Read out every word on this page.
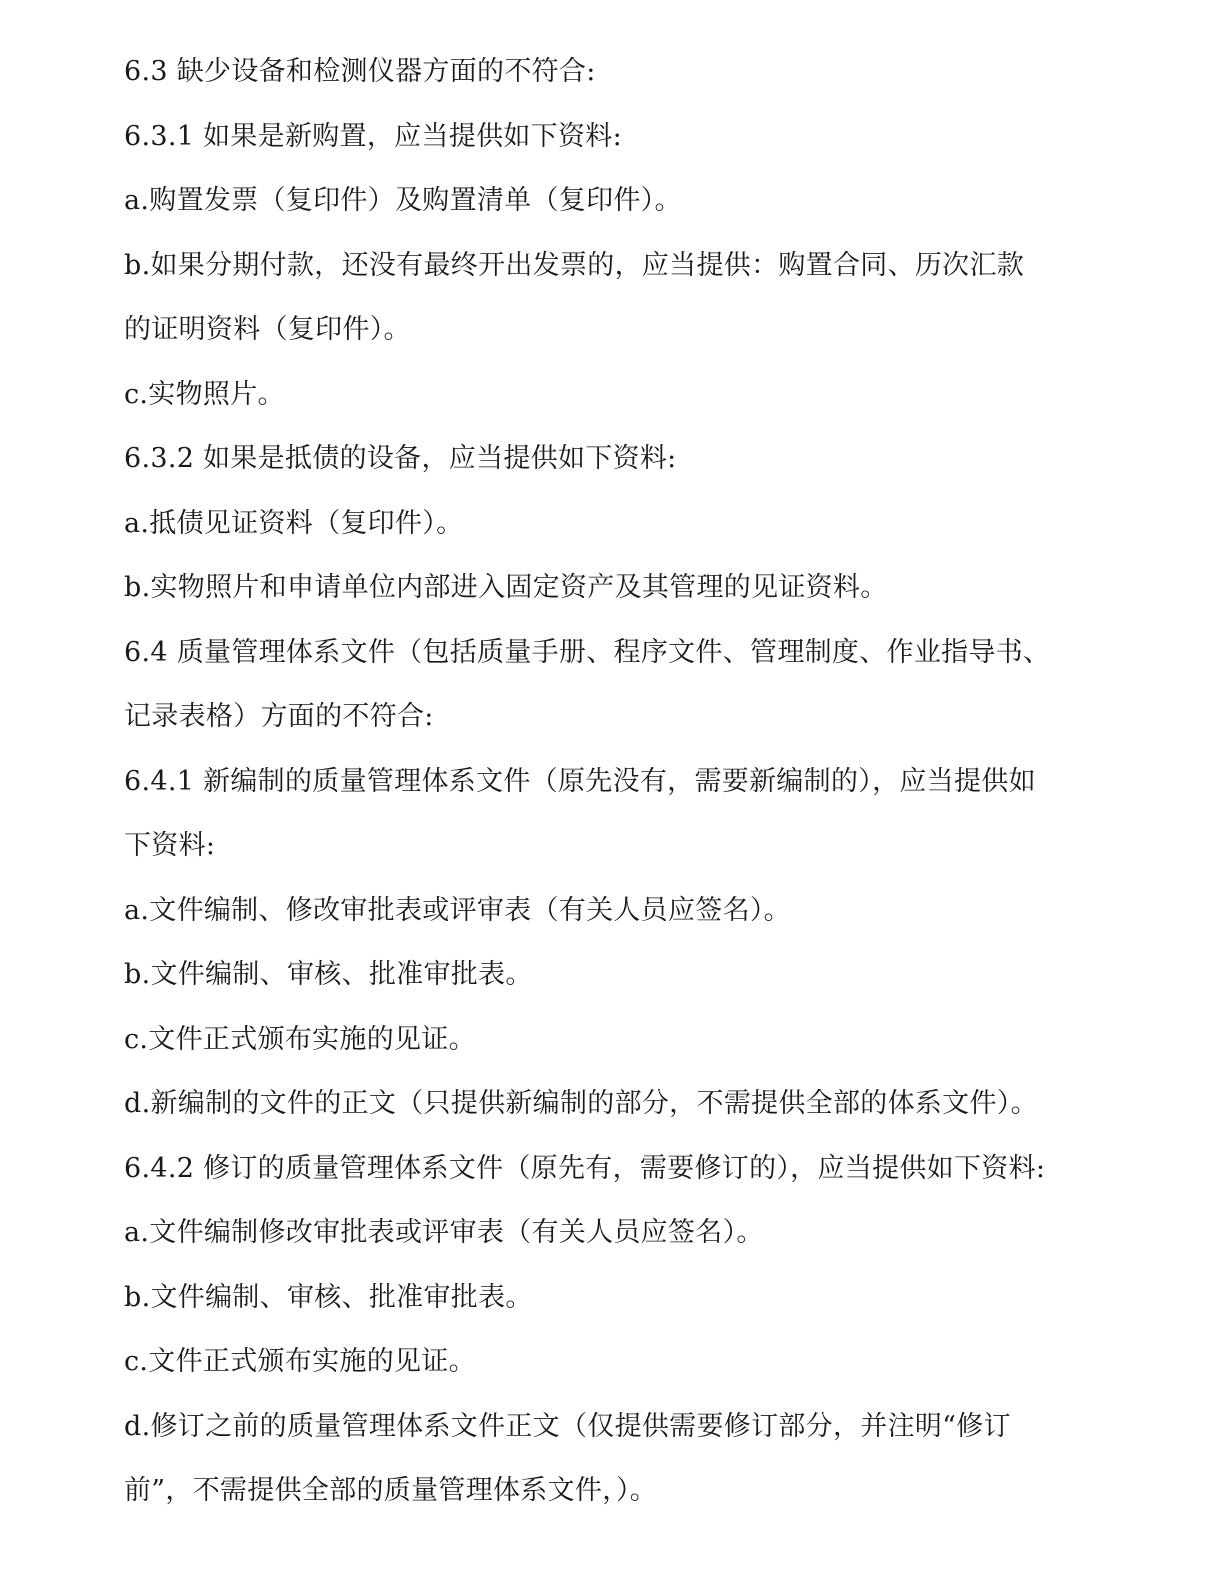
6.3 缺少设备和检测仪器方面的不符合:
6.3.1 如果是新购置，应当提供如下资料:
a.购置发票（复印件）及购置清单（复印件）。
b.如果分期付款，还没有最终开出发票的，应当提供：购置合同、历次汇款
的证明资料（复印件）。
c.实物照片。
6.3.2 如果是抵债的设备，应当提供如下资料:
a.抵债见证资料（复印件）。
b.实物照片和申请单位内部进入固定资产及其管理的见证资料。
6.4 质量管理体系文件（包括质量手册、程序文件、管理制度、作业指导书、
记录表格）方面的不符合:
6.4.1 新编制的质量管理体系文件（原先没有，需要新编制的），应当提供如
下资料:
a.文件编制、修改审批表或评审表（有关人员应签名）。
b.文件编制、审核、批准审批表。
c.文件正式颁布实施的见证。
d.新编制的文件的正文（只提供新编制的部分，不需提供全部的体系文件）。
6.4.2 修订的质量管理体系文件（原先有，需要修订的），应当提供如下资料:
a.文件编制修改审批表或评审表（有关人员应签名）。
b.文件编制、审核、批准审批表。
c.文件正式颁布实施的见证。
d.修订之前的质量管理体系文件正文（仅提供需要修订部分，并注明“修订
前”，不需提供全部的质量管理体系文件，）。
